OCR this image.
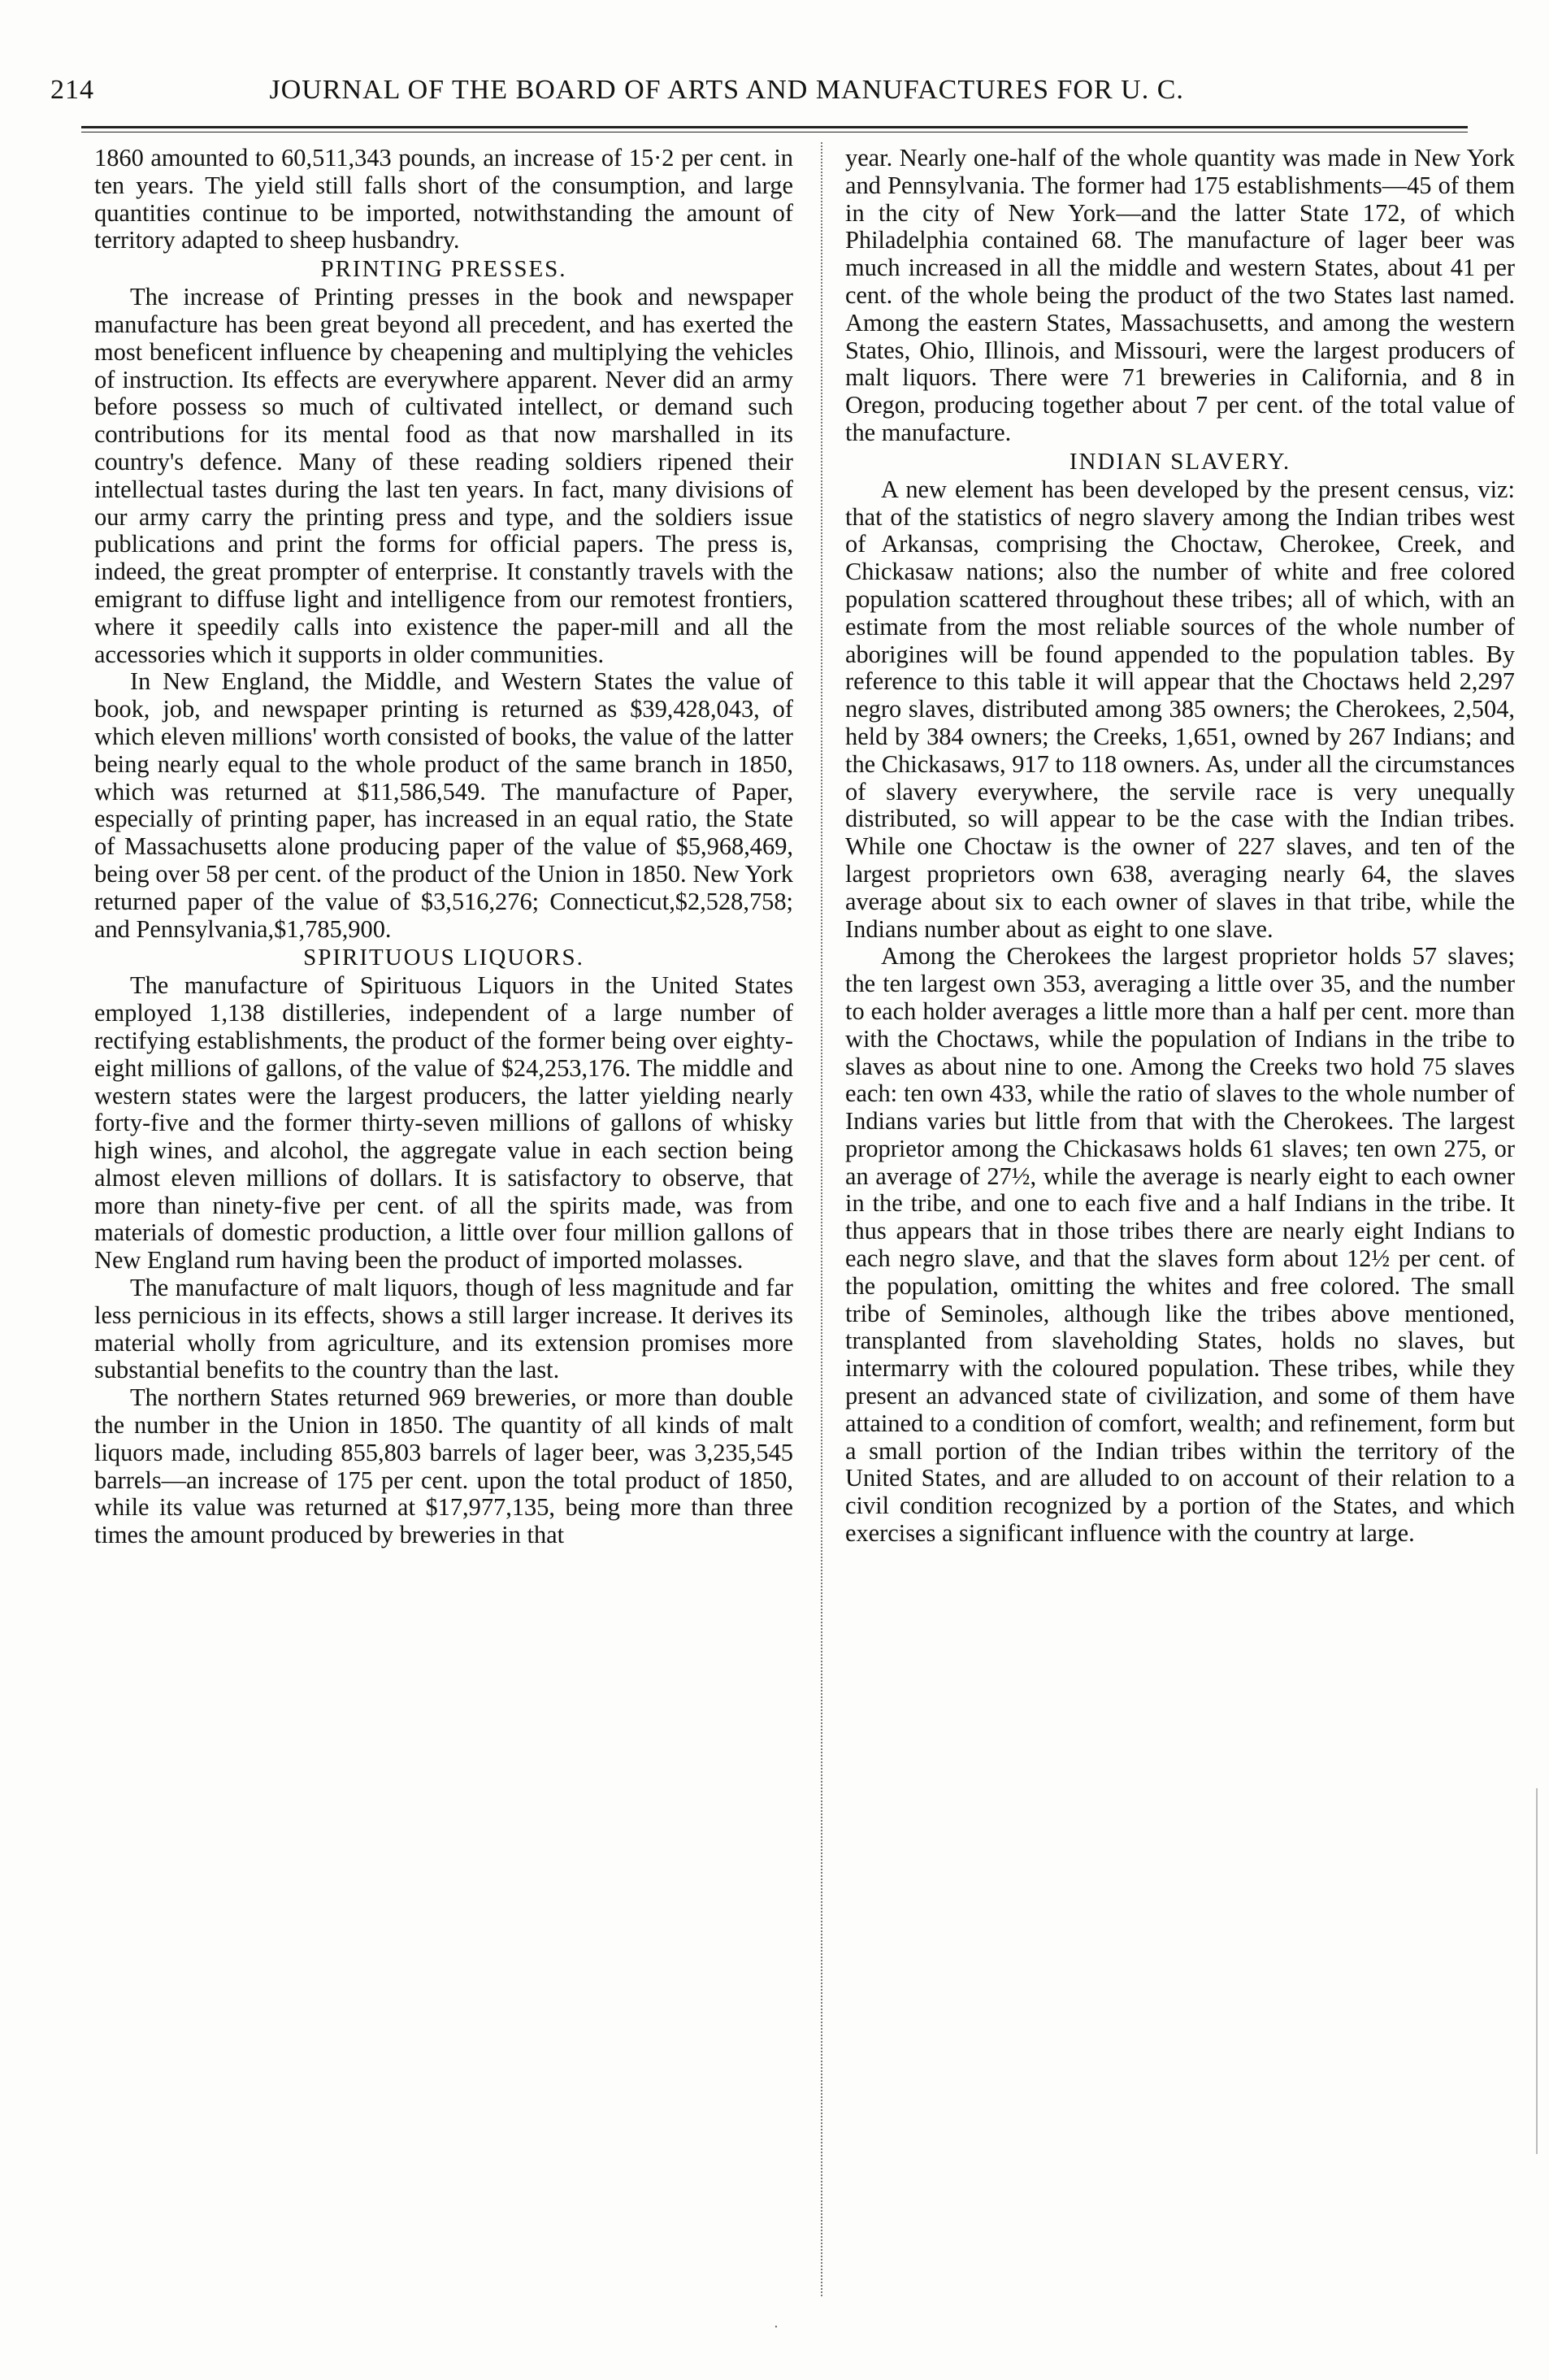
214	JOURNAL OF THE BOARD OF ARTS AND MANUFACTURES FOR U. C.

1860 amounted to 60,511,343 pounds, an increase of 15·2 per cent. in ten years. The yield still falls short of the consumption, and large quantities continue to be imported, notwithstanding the amount of territory adapted to sheep husbandry.

PRINTING PRESSES.

The increase of Printing presses in the book and newspaper manufacture has been great beyond all precedent, and has exerted the most beneficent influence by cheapening and multiplying the vehicles of instruction. Its effects are everywhere apparent. Never did an army before possess so much of cultivated intellect, or demand such contributions for its mental food as that now marshalled in its country's defence. Many of these reading soldiers ripened their intellectual tastes during the last ten years. In fact, many divisions of our army carry the printing press and type, and the soldiers issue publications and print the forms for official papers. The press is, indeed, the great prompter of enterprise. It constantly travels with the emigrant to diffuse light and intelligence from our remotest frontiers, where it speedily calls into existence the paper-mill and all the accessories which it supports in older communities.

In New England, the Middle, and Western States the value of book, job, and newspaper printing is returned as $39,428,043, of which eleven millions' worth consisted of books, the value of the latter being nearly equal to the whole product of the same branch in 1850, which was returned at $11,586,549. The manufacture of Paper, especially of printing paper, has increased in an equal ratio, the State of Massachusetts alone producing paper of the value of $5,968,469, being over 58 per cent. of the product of the Union in 1850. New York returned paper of the value of $3,516,276; Connecticut,$2,528,758; and Pennsylvania,$1,785,900.

SPIRITUOUS LIQUORS.

The manufacture of Spirituous Liquors in the United States employed 1,138 distilleries, independent of a large number of rectifying establishments, the product of the former being over eighty-eight millions of gallons, of the value of $24,253,176. The middle and western states were the largest producers, the latter yielding nearly forty-five and the former thirty-seven millions of gallons of whisky high wines, and alcohol, the aggregate value in each section being almost eleven millions of dollars. It is satisfactory to observe, that more than ninety-five per cent. of all the spirits made, was from materials of domestic production, a little over four million gallons of New England rum having been the product of imported molasses.

The manufacture of malt liquors, though of less magnitude and far less pernicious in its effects, shows a still larger increase. It derives its material wholly from agriculture, and its extension promises more substantial benefits to the country than the last.

The northern States returned 969 breweries, or more than double the number in the Union in 1850. The quantity of all kinds of malt liquors made, including 855,803 barrels of lager beer, was 3,235,545 barrels—an increase of 175 per cent. upon the total product of 1850, while its value was returned at $17,977,135, being more than three times the amount produced by breweries in that

year. Nearly one-half of the whole quantity was made in New York and Pennsylvania. The former had 175 establishments—45 of them in the city of New York—and the latter State 172, of which Philadelphia contained 68. The manufacture of lager beer was much increased in all the middle and western States, about 41 per cent. of the whole being the product of the two States last named. Among the eastern States, Massachusetts, and among the western States, Ohio, Illinois, and Missouri, were the largest producers of malt liquors. There were 71 breweries in California, and 8 in Oregon, producing together about 7 per cent. of the total value of the manufacture.

INDIAN SLAVERY.

A new element has been developed by the present census, viz: that of the statistics of negro slavery among the Indian tribes west of Arkansas, comprising the Choctaw, Cherokee, Creek, and Chickasaw nations; also the number of white and free colored population scattered throughout these tribes; all of which, with an estimate from the most reliable sources of the whole number of aborigines will be found appended to the population tables. By reference to this table it will appear that the Choctaws held 2,297 negro slaves, distributed among 385 owners; the Cherokees, 2,504, held by 384 owners; the Creeks, 1,651, owned by 267 Indians; and the Chickasaws, 917 to 118 owners. As, under all the circumstances of slavery everywhere, the servile race is very unequally distributed, so will appear to be the case with the Indian tribes. While one Choctaw is the owner of 227 slaves, and ten of the largest proprietors own 638, averaging nearly 64, the slaves average about six to each owner of slaves in that tribe, while the Indians number about as eight to one slave.

Among the Cherokees the largest proprietor holds 57 slaves; the ten largest own 353, averaging a little over 35, and the number to each holder averages a little more than a half per cent. more than with the Choctaws, while the population of Indians in the tribe to slaves as about nine to one. Among the Creeks two hold 75 slaves each: ten own 433, while the ratio of slaves to the whole number of Indians varies but little from that with the Cherokees. The largest proprietor among the Chickasaws holds 61 slaves; ten own 275, or an average of 27½, while the average is nearly eight to each owner in the tribe, and one to each five and a half Indians in the tribe. It thus appears that in those tribes there are nearly eight Indians to each negro slave, and that the slaves form about 12½ per cent. of the population, omitting the whites and free colored. The small tribe of Seminoles, although like the tribes above mentioned, transplanted from slaveholding States, holds no slaves, but intermarry with the coloured population. These tribes, while they present an advanced state of civilization, and some of them have attained to a condition of comfort, wealth; and refinement, form but a small portion of the Indian tribes within the territory of the United States, and are alluded to on account of their relation to a civil condition recognized by a portion of the States, and which exercises a significant influence with the country at large.

·
